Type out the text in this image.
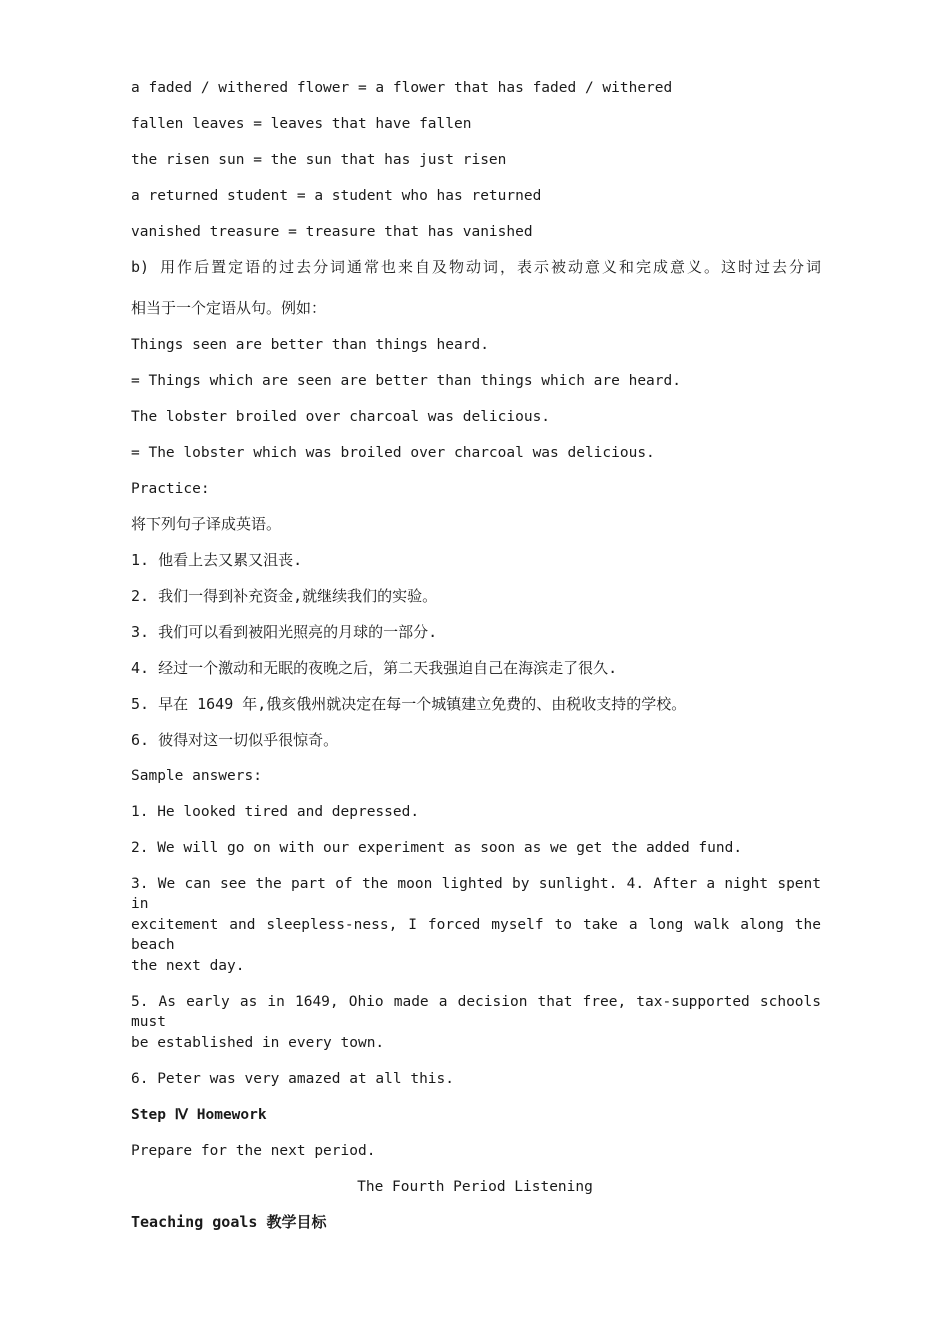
a faded / withered flower = a flower that has faded / withered
fallen leaves = leaves that have fallen
the risen sun = the sun that has just risen
a returned student = a student who has returned
vanished treasure = treasure that has vanished
b) 用作后置定语的过去分词通常也来自及物动词，表示被动意义和完成意义。这时过去分词
相当于一个定语从句。例如：
Things seen are better than things heard.
= Things which are seen are better than things which are heard.
The lobster broiled over charcoal was delicious.
= The lobster which was broiled over charcoal was delicious.
Practice:
将下列句子译成英语。
1. 他看上去又累又沮丧.
2. 我们一得到补充资金,就继续我们的实验。
3. 我们可以看到被阳光照亮的月球的一部分.
4. 经过一个激动和无眠的夜晚之后，第二天我强迫自己在海滨走了很久.
5. 早在 1649 年,俄亥俄州就决定在每一个城镇建立免费的、由税收支持的学校。
6. 彼得对这一切似乎很惊奇。
Sample answers:
1. He looked tired and depressed.
2. We will go on with our experiment as soon as we get the added fund.
3. We can see the part of the moon lighted by sunlight. 4. After a night spent in
excitement and sleepless-ness, I forced myself to take a long walk along the beach
the next day.
5. As early as in 1649, Ohio made a decision that free, tax-supported schools must
be established in every town.
6. Peter was very amazed at all this.
Step Ⅳ Homework
Prepare for the next period.
The Fourth Period Listening
Teaching goals 教学目标
